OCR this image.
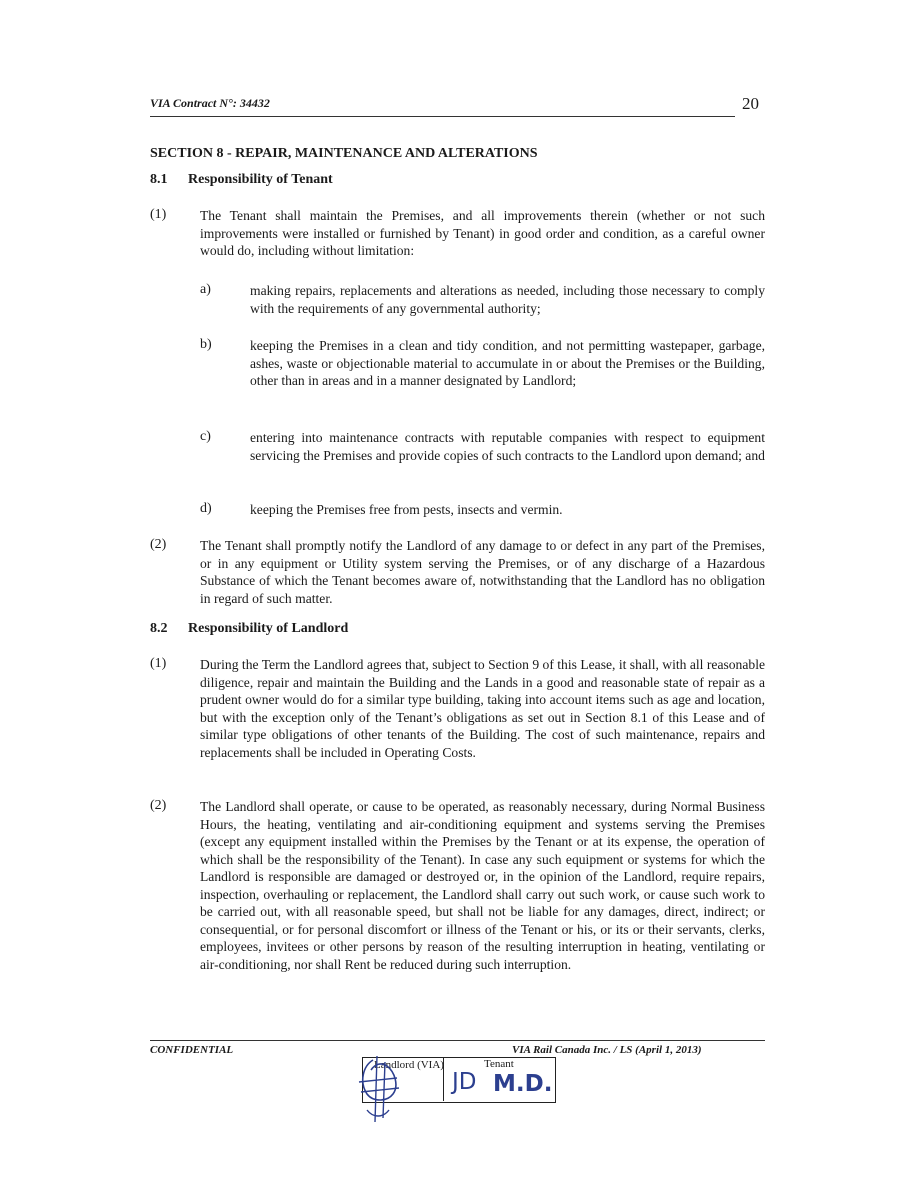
VIA Contract N°: 34432	20
SECTION 8 - REPAIR, MAINTENANCE AND ALTERATIONS
8.1 Responsibility of Tenant
(1) The Tenant shall maintain the Premises, and all improvements therein (whether or not such improvements were installed or furnished by Tenant) in good order and condition, as a careful owner would do, including without limitation:
a)	making repairs, replacements and alterations as needed, including those necessary to comply with the requirements of any governmental authority;
b)	keeping the Premises in a clean and tidy condition, and not permitting wastepaper, garbage, ashes, waste or objectionable material to accumulate in or about the Premises or the Building, other than in areas and in a manner designated by Landlord;
c)	entering into maintenance contracts with reputable companies with respect to equipment servicing the Premises and provide copies of such contracts to the Landlord upon demand; and
d)	keeping the Premises free from pests, insects and vermin.
(2) The Tenant shall promptly notify the Landlord of any damage to or defect in any part of the Premises, or in any equipment or Utility system serving the Premises, or of any discharge of a Hazardous Substance of which the Tenant becomes aware of, notwithstanding that the Landlord has no obligation in regard of such matter.
8.2 Responsibility of Landlord
(1) During the Term the Landlord agrees that, subject to Section 9 of this Lease, it shall, with all reasonable diligence, repair and maintain the Building and the Lands in a good and reasonable state of repair as a prudent owner would do for a similar type building, taking into account items such as age and location, but with the exception only of the Tenant’s obligations as set out in Section 8.1 of this Lease and of similar type obligations of other tenants of the Building. The cost of such maintenance, repairs and replacements shall be included in Operating Costs.
(2) The Landlord shall operate, or cause to be operated, as reasonably necessary, during Normal Business Hours, the heating, ventilating and air-conditioning equipment and systems serving the Premises (except any equipment installed within the Premises by the Tenant or at its expense, the operation of which shall be the responsibility of the Tenant). In case any such equipment or systems for which the Landlord is responsible are damaged or destroyed or, in the opinion of the Landlord, require repairs, inspection, overhauling or replacement, the Landlord shall carry out such work, or cause such work to be carried out, with all reasonable speed, but shall not be liable for any damages, direct, indirect; or consequential, or for personal discomfort or illness of the Tenant or his, or its or their servants, clerks, employees, invitees or other persons by reason of the resulting interruption in heating, ventilating or air-conditioning, nor shall Rent be reduced during such interruption.
CONFIDENTIAL	VIA Rail Canada Inc. / LS (April 1, 2013)
Landlord (VIA)	Tenant
JD M.D.
